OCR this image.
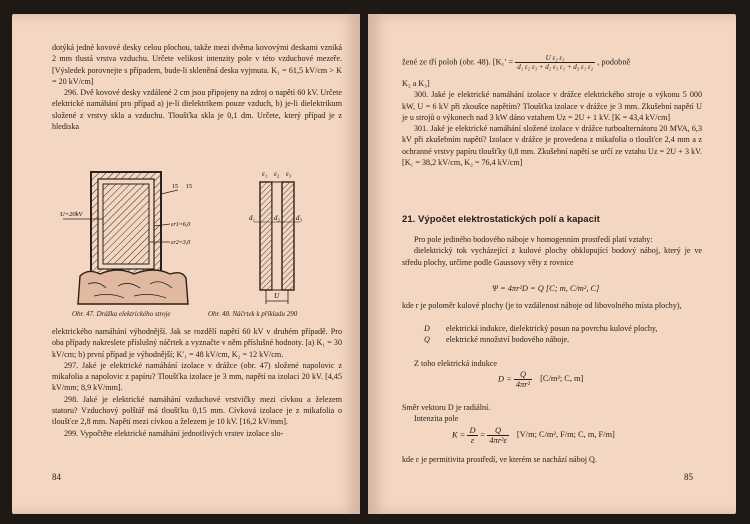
dotýká jedné kovové desky celou plochou, takže mezi dvěma kovovými deskami vzniká 2 mm tlustá vrstva vzduchu. Určete velikost intenzity pole v této vzduchové mezeře. [Výsledek porovnejte s případem, bude-li skleněná deska vyjmuta. K₁ = 61,5 kV/cm > K = 20 kV/cm]

296. Dvě kovové desky vzdálené 2 cm jsou připojeny na zdroj o napětí 60 kV. Určete elektrické namáhání pro případ a) je-li dielektrikem pouze vzduch, b) je-li dielektrikum složené z vrstvy skla a vzduchu. Tloušťka skla je 0,1 dm. Určete, který případ je z hlediska

U=20kV
15 15
εr1=6,0
εr2=3,0
ε₁ ε₂ ε₃
d₁	d₂ d₃
U
Obr. 47. Drážka elektrického stroje	Obr. 48. Náčrtek k příkladu 290

elektrického namáhání výhodnější. Jak se rozdělí napětí 60 kV v druhém případě. Pro oba případy nakreslete příslušný náčrtek a vyznačte v něm příslušné hodnoty. [a) K₁ = 30 kV/cm; b) první případ je výhodnější; K′₁ = 48 kV/cm, K₂ = 12 kV/cm.

297. Jaké je elektrické namáhání izolace v drážce (obr. 47) složené napolovic z mikafolia a napolovic z papíru? Tloušťka izolace je 3 mm, napětí na izolaci 20 kV. [4,45 kV/mm; 8,9 kV/mm].

298. Jaké je elektrické namáhání vzduchové vrstvičky mezi cívkou a železem statoru? Vzduchový polštář má tloušťku 0,15 mm. Cívková izolace je z mikafolia o tloušťce 2,8 mm. Napětí mezi cívkou a železem je 10 kV. [16,2 kV/mm].

299. Vypočtěte elektrické namáhání jednotlivých vrstev izolace slo-

84
žené ze tří poloh (obr. 48). [$K_1' = \frac{\text{U ε₂ ε₃}}{\text{d₁ ε₂ ε₃ + d₂ ε₃ ε₁ + d₃ ε₁ ε₂}}$ , podobně

K₂ a K₃]

300. Jaké je elektrické namáhání izolace v drážce elektrického stroje o výkonu 5 000 kW, U = 6 kV při zkoušce napětím? Tloušťka izolace v drážce je 3 mm. Zkušební napětí U je u strojů o výkonech nad 3 kW dáno vztahem Uz = 2U + 1 kV. [K = 43,4 kV/cm]

301. Jaké je elektrické namáhání složené izolace v drážce turboalternátoru 20 MVA, 6,3 kV při zkušebním napětí? Izolace v drážce je provedena z mikafolia o tloušťce 2,4 mm a z ochranné vrstvy papíru tloušťky 0,8 mm. Zkušební napětí se určí ze vztahu Uz = 2U + 3 kV. [K₁ = 38,2 kV/cm, K₂ = 76,4 kV/cm]

21. Výpočet elektrostatických polí a kapacit

Pro pole jediného bodového náboje v homogenním prostředí platí vztahy:

dielektrický tok vycházející z kulové plochy obklopující bodový náboj, který je ve středu plochy, určíme podle Gaussovy věty z rovnice

Ψ = 4πr²D = Q [C; m, C/m², C]
kde r je poloměr kulové plochy (je to vzdálenost náboje od libovolného místa plochy),
D	elektrická indukce, dielektrický posun na povrchu kulové plochy,
Q	elektrické množství bodového náboje.
Z toho elektrická indukce
$D = \frac{Q}{\text{4πr²}} [C/m^2$; C, m]

Směr vektoru D je radiální.

Intenzita pole

$K = \frac{D}{\varepsilon} = \frac{Q}{\text{4πr²ε}} [V/m$; C/m², F/m; C, m, F/m]
kde ε je permitivita prostředí, ve kterém se nachází náboj Q.
85
